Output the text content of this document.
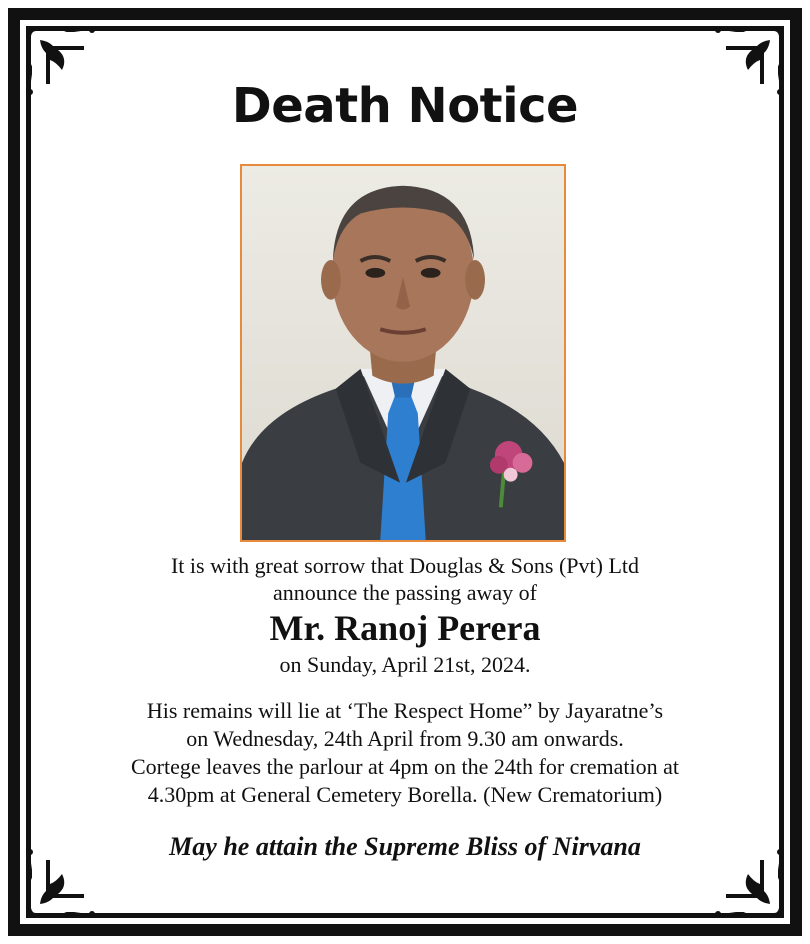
Death Notice
It is with great sorrow that Douglas & Sons (Pvt) Ltd
announce the passing away of
Mr. Ranoj Perera
on Sunday, April 21st, 2024.
His remains will lie at ‘The Respect Home” by Jayaratne’s
on Wednesday, 24th April from 9.30 am onwards.
Cortege leaves the parlour at 4pm on the 24th for cremation at
4.30pm at General Cemetery Borella. (New Crematorium)
May he attain the Supreme Bliss of Nirvana
